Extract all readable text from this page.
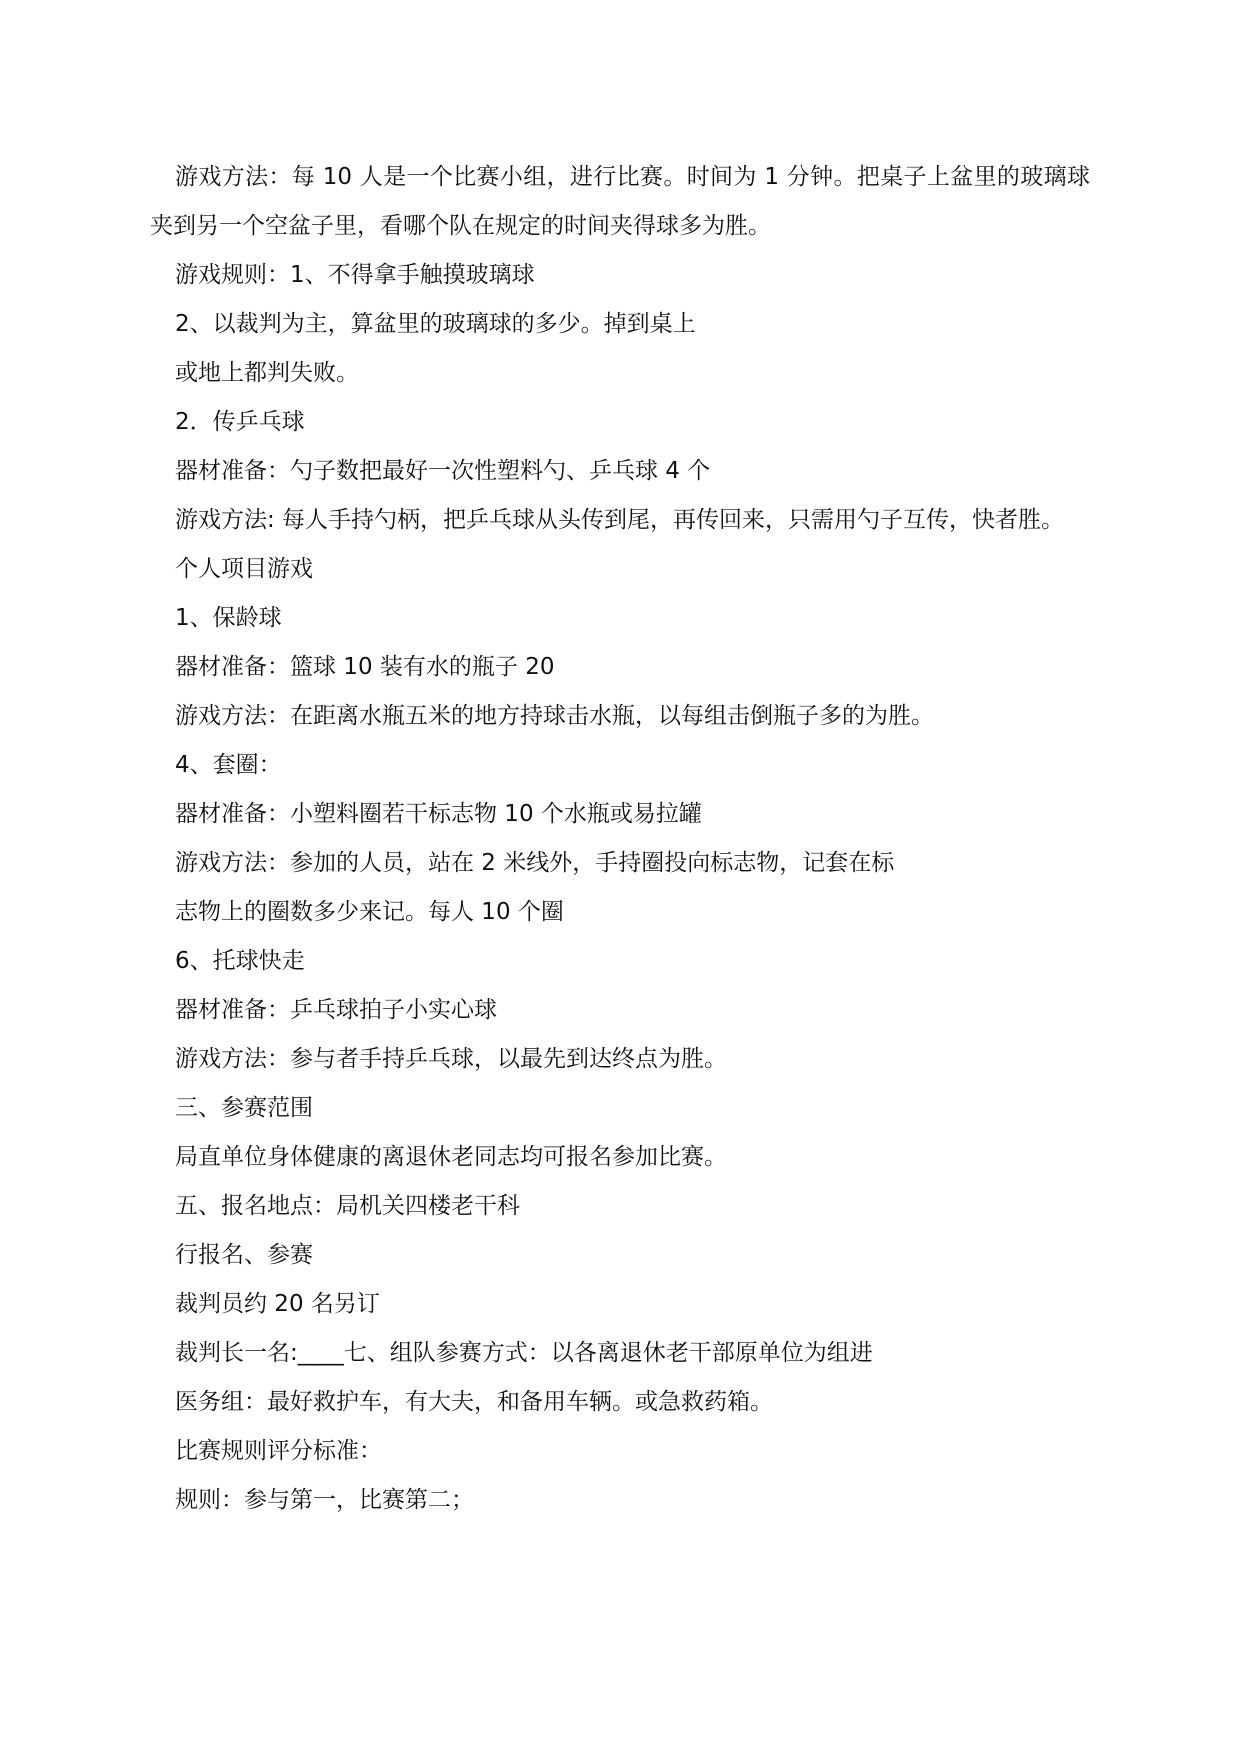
游戏方法：每 10 人是一个比赛小组，进行比赛。时间为 1 分钟。把桌子上盆里的玻璃球夹到另一个空盆子里，看哪个队在规定的时间夹得球多为胜。

游戏规则：1、不得拿手触摸玻璃球

2、以裁判为主，算盆里的玻璃球的多少。掉到桌上

或地上都判失败。

2．传乒乓球

器材准备：勺子数把最好一次性塑料勺、乒乓球 4 个

游戏方法: 每人手持勺柄，把乒乓球从头传到尾，再传回来，只需用勺子互传，快者胜。

个人项目游戏

1、保龄球

器材准备：篮球 10 装有水的瓶子 20

游戏方法：在距离水瓶五米的地方持球击水瓶，以每组击倒瓶子多的为胜。

4、套圈：

器材准备：小塑料圈若干标志物 10 个水瓶或易拉罐

游戏方法：参加的人员，站在 2 米线外，手持圈投向标志物，记套在标

志物上的圈数多少来记。每人 10 个圈

6、托球快走

器材准备：乒乓球拍子小实心球

游戏方法：参与者手持乒乓球，以最先到达终点为胜。

三、参赛范围

局直单位身体健康的离退休老同志均可报名参加比赛。

五、报名地点：局机关四楼老干科

行报名、参赛

裁判员约 20 名另订

裁判长一名:____七、组队参赛方式：以各离退休老干部原单位为组进

医务组：最好救护车，有大夫，和备用车辆。或急救药箱。

比赛规则评分标准：

规则：参与第一，比赛第二；
